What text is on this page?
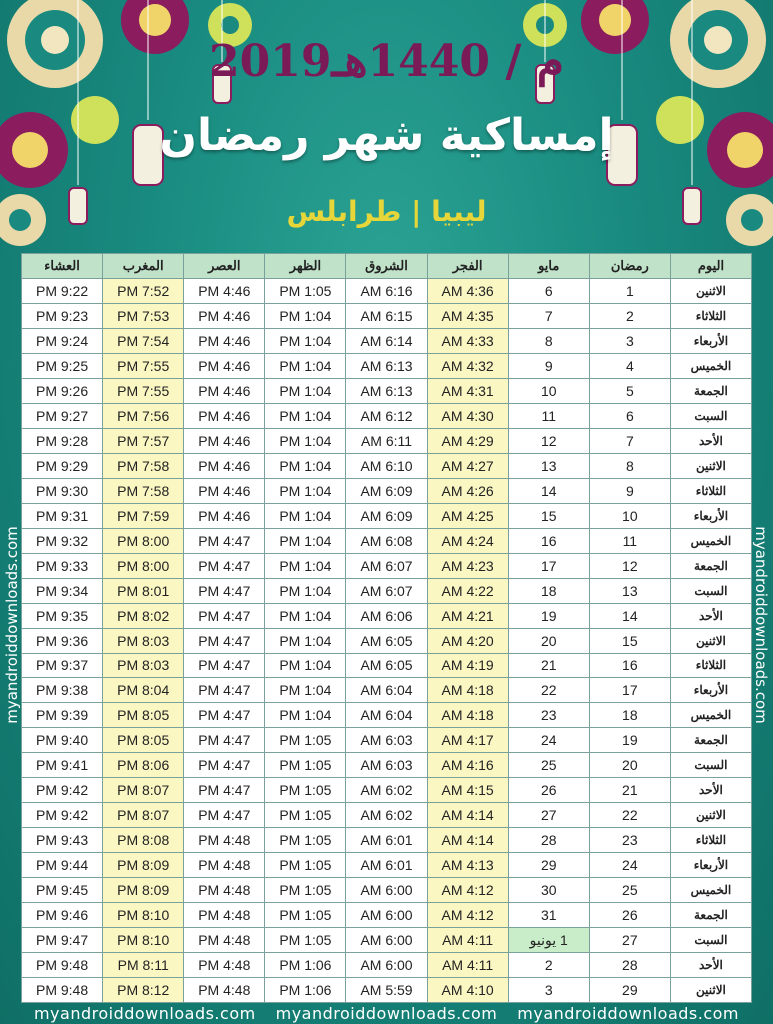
2019م / 1440هـ
إمساكية شهر رمضان
ليبيا | طرابلس
myandroiddownloads.com	myandroiddownloads.com
اليوم	رمضان	مايو	الفجر	الشروق	الظهر	العصر	المغرب	العشاء
الاثنين	1	6	4:36 AM	6:16 AM	1:05 PM	4:46 PM	7:52 PM	9:22 PM
الثلاثاء	2	7	4:35 AM	6:15 AM	1:04 PM	4:46 PM	7:53 PM	9:23 PM
الأربعاء	3	8	4:33 AM	6:14 AM	1:04 PM	4:46 PM	7:54 PM	9:24 PM
الخميس	4	9	4:32 AM	6:13 AM	1:04 PM	4:46 PM	7:55 PM	9:25 PM
الجمعة	5	10	4:31 AM	6:13 AM	1:04 PM	4:46 PM	7:55 PM	9:26 PM
السبت	6	11	4:30 AM	6:12 AM	1:04 PM	4:46 PM	7:56 PM	9:27 PM
الأحد	7	12	4:29 AM	6:11 AM	1:04 PM	4:46 PM	7:57 PM	9:28 PM
الاثنين	8	13	4:27 AM	6:10 AM	1:04 PM	4:46 PM	7:58 PM	9:29 PM
الثلاثاء	9	14	4:26 AM	6:09 AM	1:04 PM	4:46 PM	7:58 PM	9:30 PM
الأربعاء	10	15	4:25 AM	6:09 AM	1:04 PM	4:46 PM	7:59 PM	9:31 PM
الخميس	11	16	4:24 AM	6:08 AM	1:04 PM	4:47 PM	8:00 PM	9:32 PM
الجمعة	12	17	4:23 AM	6:07 AM	1:04 PM	4:47 PM	8:00 PM	9:33 PM
السبت	13	18	4:22 AM	6:07 AM	1:04 PM	4:47 PM	8:01 PM	9:34 PM
الأحد	14	19	4:21 AM	6:06 AM	1:04 PM	4:47 PM	8:02 PM	9:35 PM
الاثنين	15	20	4:20 AM	6:05 AM	1:04 PM	4:47 PM	8:03 PM	9:36 PM
الثلاثاء	16	21	4:19 AM	6:05 AM	1:04 PM	4:47 PM	8:03 PM	9:37 PM
الأربعاء	17	22	4:18 AM	6:04 AM	1:04 PM	4:47 PM	8:04 PM	9:38 PM
الخميس	18	23	4:18 AM	6:04 AM	1:04 PM	4:47 PM	8:05 PM	9:39 PM
الجمعة	19	24	4:17 AM	6:03 AM	1:05 PM	4:47 PM	8:05 PM	9:40 PM
السبت	20	25	4:16 AM	6:03 AM	1:05 PM	4:47 PM	8:06 PM	9:41 PM
الأحد	21	26	4:15 AM	6:02 AM	1:05 PM	4:47 PM	8:07 PM	9:42 PM
الاثنين	22	27	4:14 AM	6:02 AM	1:05 PM	4:47 PM	8:07 PM	9:42 PM
الثلاثاء	23	28	4:14 AM	6:01 AM	1:05 PM	4:48 PM	8:08 PM	9:43 PM
الأربعاء	24	29	4:13 AM	6:01 AM	1:05 PM	4:48 PM	8:09 PM	9:44 PM
الخميس	25	30	4:12 AM	6:00 AM	1:05 PM	4:48 PM	8:09 PM	9:45 PM
الجمعة	26	31	4:12 AM	6:00 AM	1:05 PM	4:48 PM	8:10 PM	9:46 PM
السبت	27	1 يونيو	4:11 AM	6:00 AM	1:05 PM	4:48 PM	8:10 PM	9:47 PM
الأحد	28	2	4:11 AM	6:00 AM	1:06 PM	4:48 PM	8:11 PM	9:48 PM
الاثنين	29	3	4:10 AM	5:59 AM	1:06 PM	4:48 PM	8:12 PM	9:48 PM
myandroiddownloads.com myandroiddownloads.com myandroiddownloads.com
